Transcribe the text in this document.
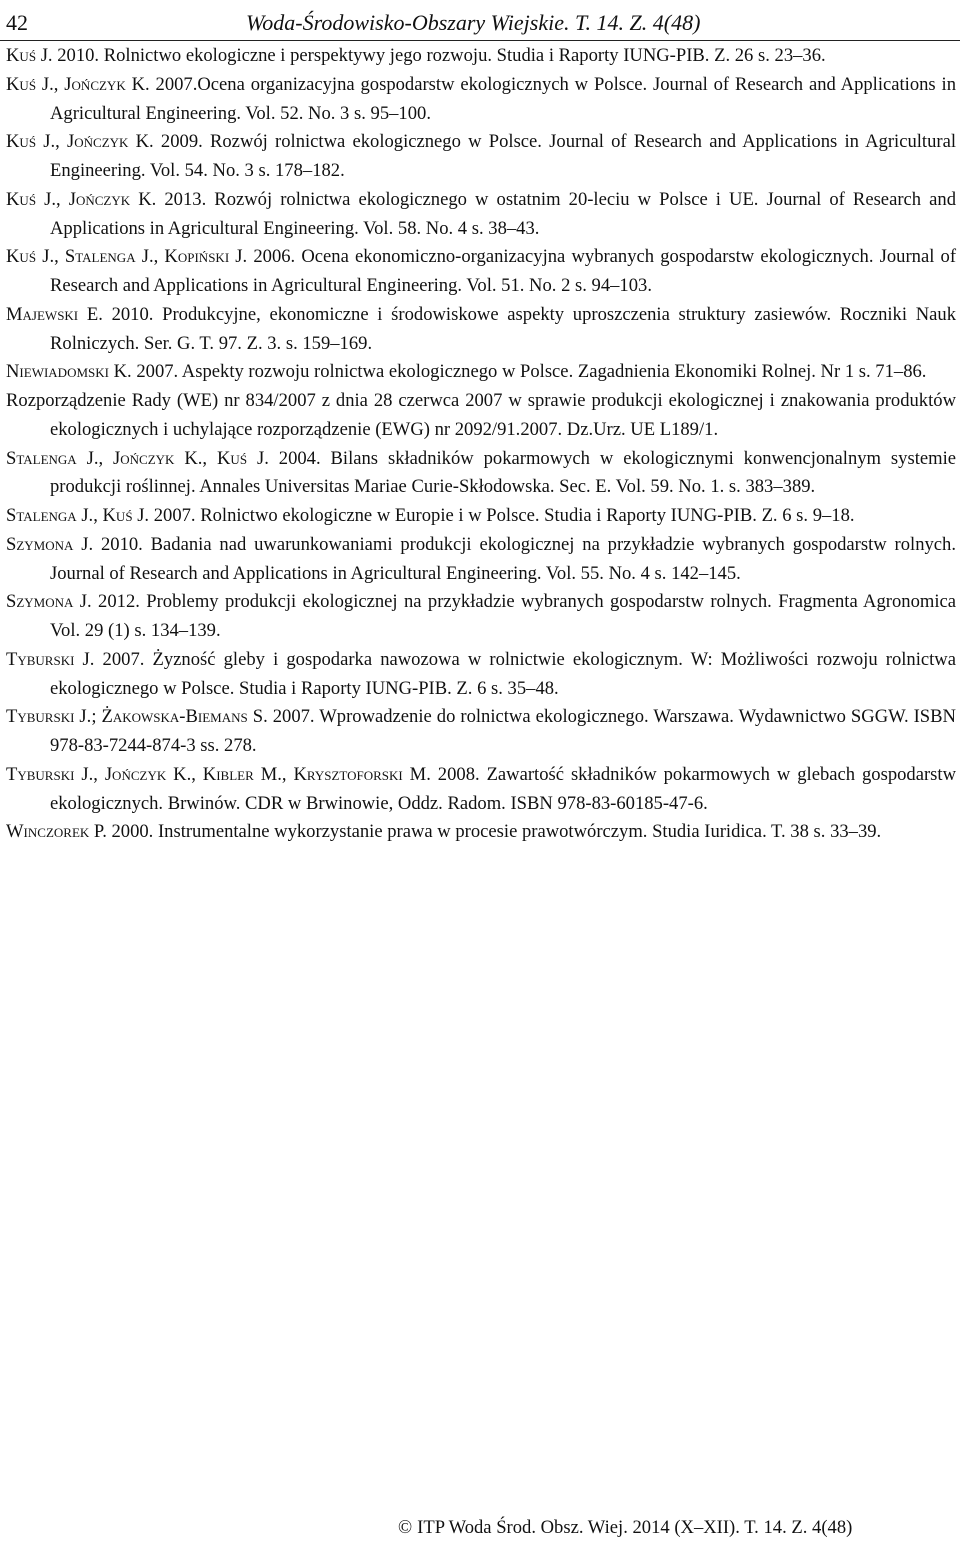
42	Woda-Środowisko-Obszary Wiejskie. T. 14. Z. 4(48)

Kuś J. 2010. Rolnictwo ekologiczne i perspektywy jego rozwoju. Studia i Raporty IUNG-PIB. Z. 26 s. 23–36.

Kuś J., Jończyk K. 2007.Ocena organizacyjna gospodarstw ekologicznych w Polsce. Journal of Research and Applications in Agricultural Engineering. Vol. 52. No. 3 s. 95–100.

Kuś J., Jończyk K. 2009. Rozwój rolnictwa ekologicznego w Polsce. Journal of Research and Applications in Agricultural Engineering. Vol. 54. No. 3 s. 178–182.

Kuś J., Jończyk K. 2013. Rozwój rolnictwa ekologicznego w ostatnim 20-leciu w Polsce i UE. Journal of Research and Applications in Agricultural Engineering. Vol. 58. No. 4 s. 38–43.

Kuś J., Stalenga J., Kopiński J. 2006. Ocena ekonomiczno-organizacyjna wybranych gospodarstw ekologicznych. Journal of Research and Applications in Agricultural Engineering. Vol. 51. No. 2 s. 94–103.

Majewski E. 2010. Produkcyjne, ekonomiczne i środowiskowe aspekty uproszczenia struktury zasiewów. Roczniki Nauk Rolniczych. Ser. G. T. 97. Z. 3. s. 159–169.

Niewiadomski K. 2007. Aspekty rozwoju rolnictwa ekologicznego w Polsce. Zagadnienia Ekonomiki Rolnej. Nr 1 s. 71–86.

Rozporządzenie Rady (WE) nr 834/2007 z dnia 28 czerwca 2007 w sprawie produkcji ekologicznej i znakowania produktów ekologicznych i uchylające rozporządzenie (EWG) nr 2092/91.2007. Dz.Urz. UE L189/1.

Stalenga J., Jończyk K., Kuś J. 2004. Bilans składników pokarmowych w ekologicznymi konwencjonalnym systemie produkcji roślinnej. Annales Universitas Mariae Curie-Skłodowska. Sec. E. Vol. 59. No. 1. s. 383–389.

Stalenga J., Kuś J. 2007. Rolnictwo ekologiczne w Europie i w Polsce. Studia i Raporty IUNG-PIB. Z. 6 s. 9–18.

Szymona J. 2010. Badania nad uwarunkowaniami produkcji ekologicznej na przykładzie wybranych gospodarstw rolnych. Journal of Research and Applications in Agricultural Engineering. Vol. 55. No. 4 s. 142–145.

Szymona J. 2012. Problemy produkcji ekologicznej na przykładzie wybranych gospodarstw rolnych. Fragmenta Agronomica Vol. 29 (1) s. 134–139.

Tyburski J. 2007. Żyzność gleby i gospodarka nawozowa w rolnictwie ekologicznym. W: Możliwości rozwoju rolnictwa ekologicznego w Polsce. Studia i Raporty IUNG-PIB. Z. 6 s. 35–48.

Tyburski J.; Żakowska-Biemans S. 2007. Wprowadzenie do rolnictwa ekologicznego. Warszawa. Wydawnictwo SGGW. ISBN 978-83-7244-874-3 ss. 278.

Tyburski J., Jończyk K., Kibler M., Krysztoforski M. 2008. Zawartość składników pokarmowych w glebach gospodarstw ekologicznych. Brwinów. CDR w Brwinowie, Oddz. Radom. ISBN 978-83-60185-47-6.

Winczorek P. 2000. Instrumentalne wykorzystanie prawa w procesie prawotwórczym. Studia Iuridica. T. 38 s. 33–39.

© ITP Woda Środ. Obsz. Wiej. 2014 (X–XII). T. 14. Z. 4(48)
